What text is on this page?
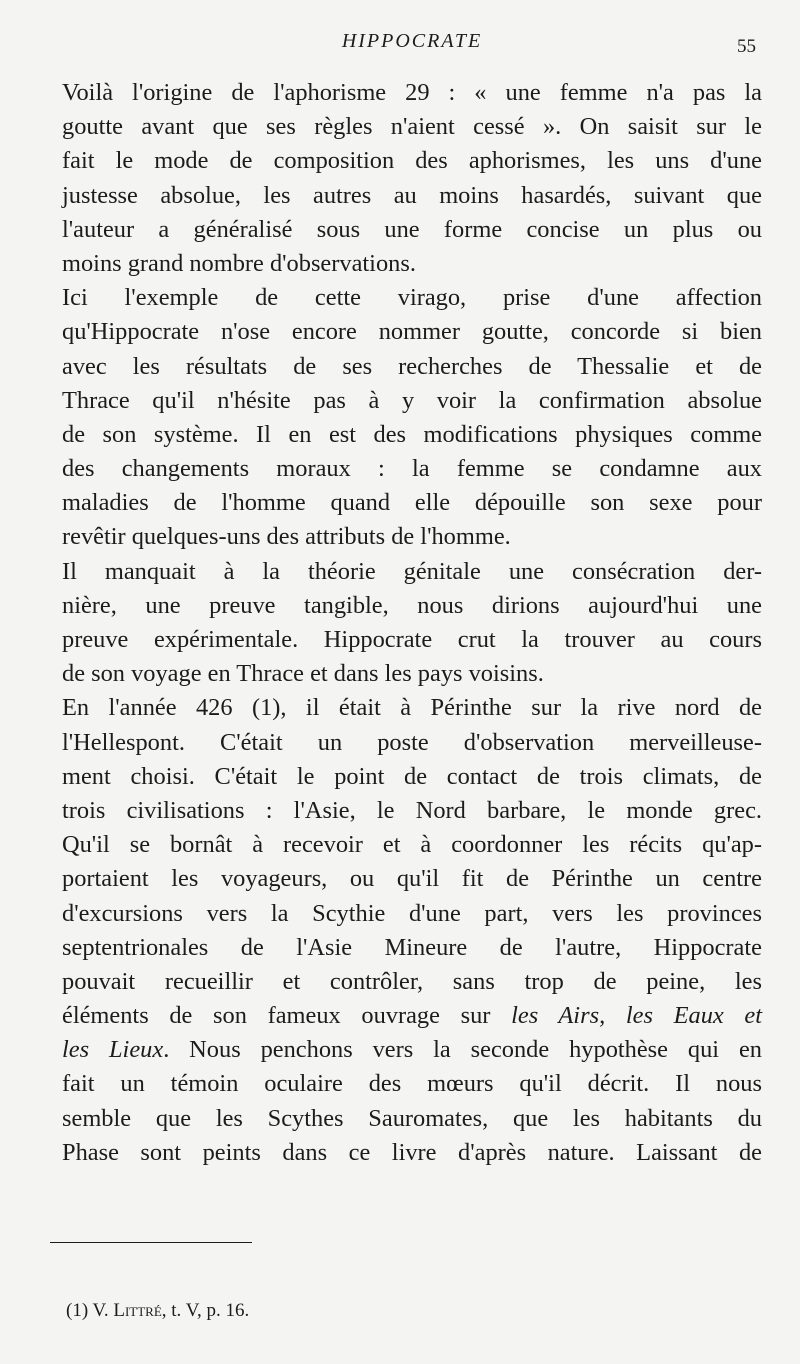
HIPPOCRATE	55
Voilà l'origine de l'aphorisme 29 : « une femme n'a pas la
goutte avant que ses règles n'aient cessé ». On saisit sur le
fait le mode de composition des aphorismes, les uns d'une
justesse absolue, les autres au moins hasardés, suivant que
l'auteur a généralisé sous une forme concise un plus ou
moins grand nombre d'observations.
Ici l'exemple de cette virago, prise d'une affection
qu'Hippocrate n'ose encore nommer goutte, concorde si bien
avec les résultats de ses recherches de Thessalie et de
Thrace qu'il n'hésite pas à y voir la confirmation absolue
de son système. Il en est des modifications physiques comme
des changements moraux : la femme se condamne aux
maladies de l'homme quand elle dépouille son sexe pour
revêtir quelques-uns des attributs de l'homme.
Il manquait à la théorie génitale une consécration der-
nière, une preuve tangible, nous dirions aujourd'hui une
preuve expérimentale. Hippocrate crut la trouver au cours
de son voyage en Thrace et dans les pays voisins.
En l'année 426 (1), il était à Périnthe sur la rive nord de
l'Hellespont. C'était un poste d'observation merveilleuse-
ment choisi. C'était le point de contact de trois climats, de
trois civilisations : l'Asie, le Nord barbare, le monde grec.
Qu'il se bornât à recevoir et à coordonner les récits qu'ap-
portaient les voyageurs, ou qu'il fit de Périnthe un centre
d'excursions vers la Scythie d'une part, vers les provinces
septentrionales de l'Asie Mineure de l'autre, Hippocrate
pouvait recueillir et contrôler, sans trop de peine, les
éléments de son fameux ouvrage sur les Airs, les Eaux et
les Lieux. Nous penchons vers la seconde hypothèse qui en
fait un témoin oculaire des mœurs qu'il décrit. Il nous
semble que les Scythes Sauromates, que les habitants du
Phase sont peints dans ce livre d'après nature. Laissant de
(1) V. Littré, t. V, p. 16.
